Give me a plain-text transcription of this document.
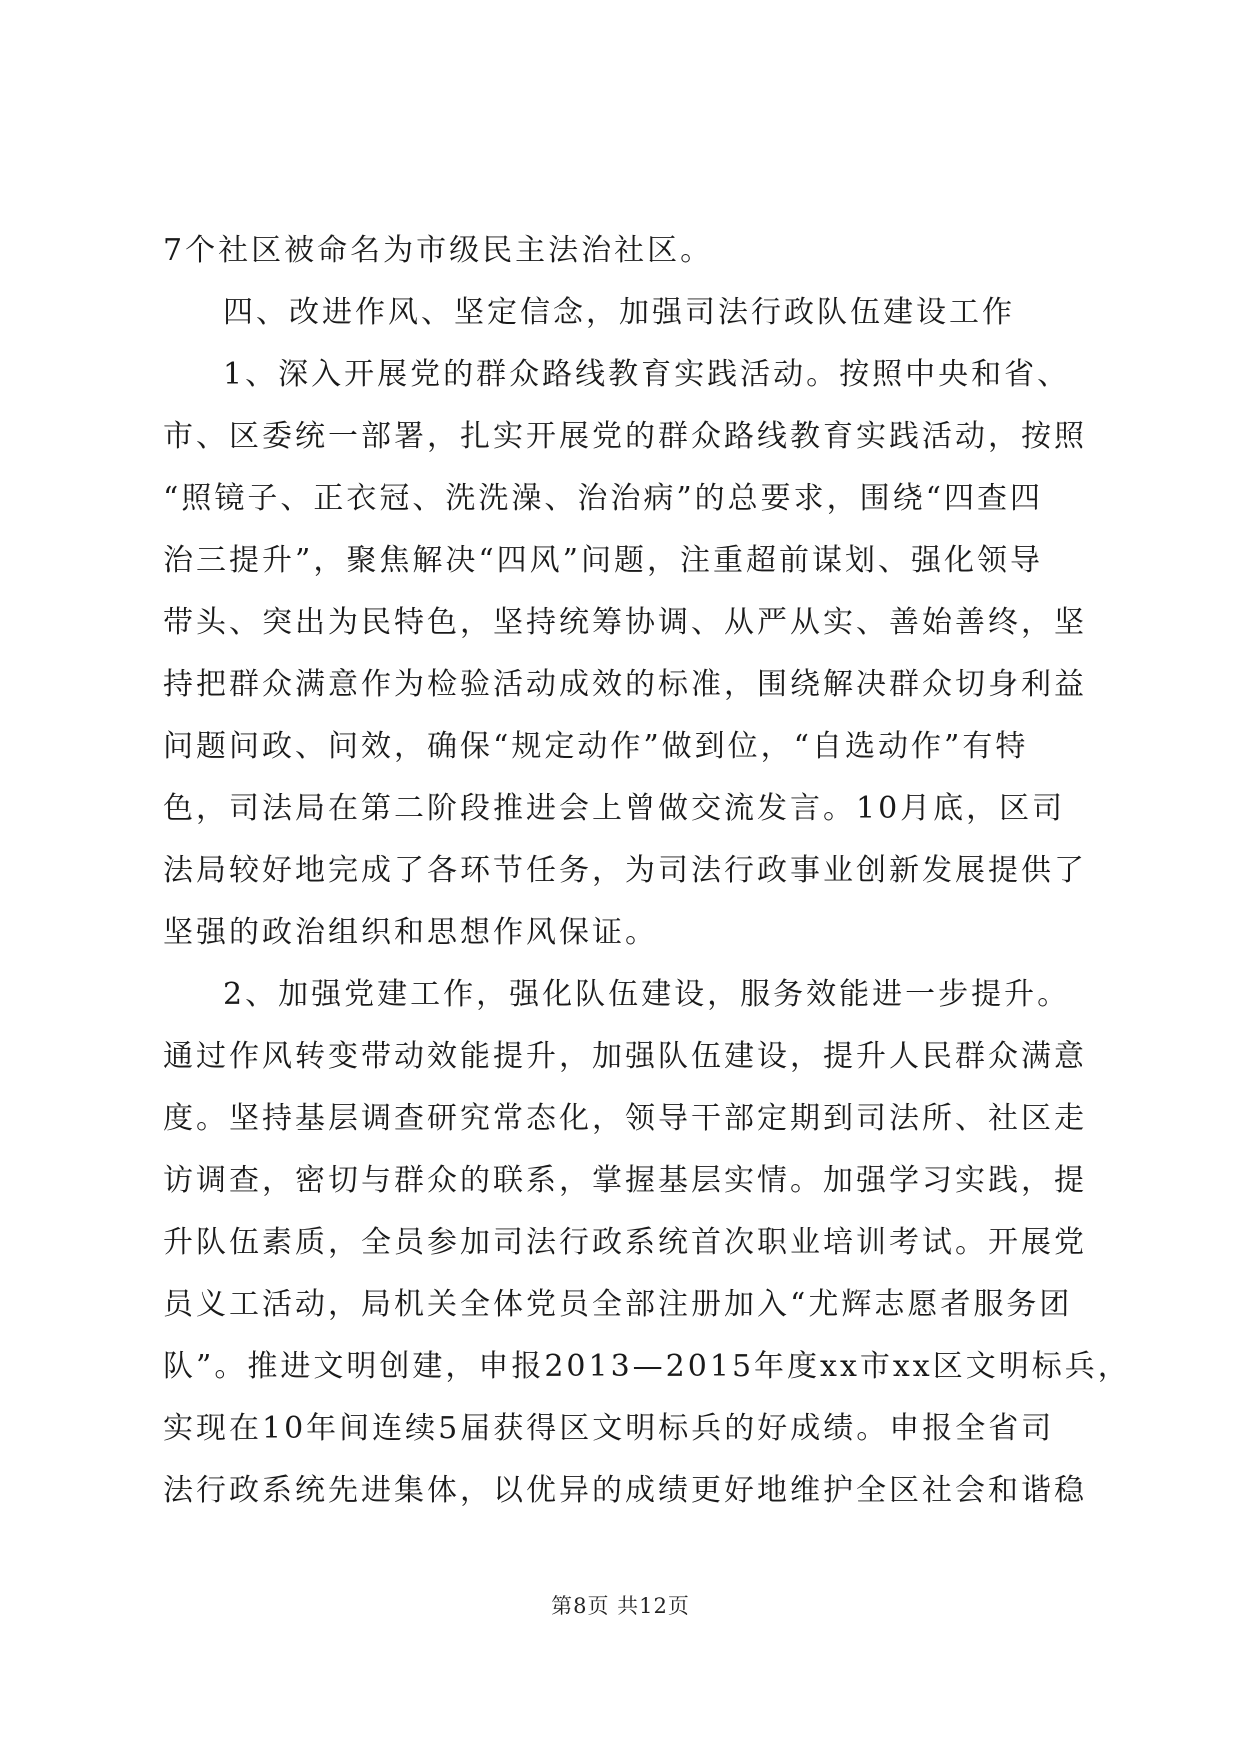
7个社区被命名为市级民主法治社区。
四、改进作风、坚定信念，加强司法行政队伍建设工作
1、深入开展党的群众路线教育实践活动。按照中央和省、
市、区委统一部署，扎实开展党的群众路线教育实践活动，按照
“照镜子、正衣冠、洗洗澡、治治病”的总要求，围绕“四查四
治三提升”，聚焦解决“四风”问题，注重超前谋划、强化领导
带头、突出为民特色，坚持统筹协调、从严从实、善始善终，坚
持把群众满意作为检验活动成效的标准，围绕解决群众切身利益
问题问政、问效，确保“规定动作”做到位，“自选动作”有特
色，司法局在第二阶段推进会上曾做交流发言。10月底，区司
法局较好地完成了各环节任务，为司法行政事业创新发展提供了
坚强的政治组织和思想作风保证。
2、加强党建工作，强化队伍建设，服务效能进一步提升。
通过作风转变带动效能提升，加强队伍建设，提升人民群众满意
度。坚持基层调查研究常态化，领导干部定期到司法所、社区走
访调查，密切与群众的联系，掌握基层实情。加强学习实践，提
升队伍素质，全员参加司法行政系统首次职业培训考试。开展党
员义工活动，局机关全体党员全部注册加入“尤辉志愿者服务团
队”。推进文明创建，申报2013—2015年度xx市xx区文明标兵，
实现在10年间连续5届获得区文明标兵的好成绩。申报全省司
法行政系统先进集体，以优异的成绩更好地维护全区社会和谐稳
第8页 共12页
